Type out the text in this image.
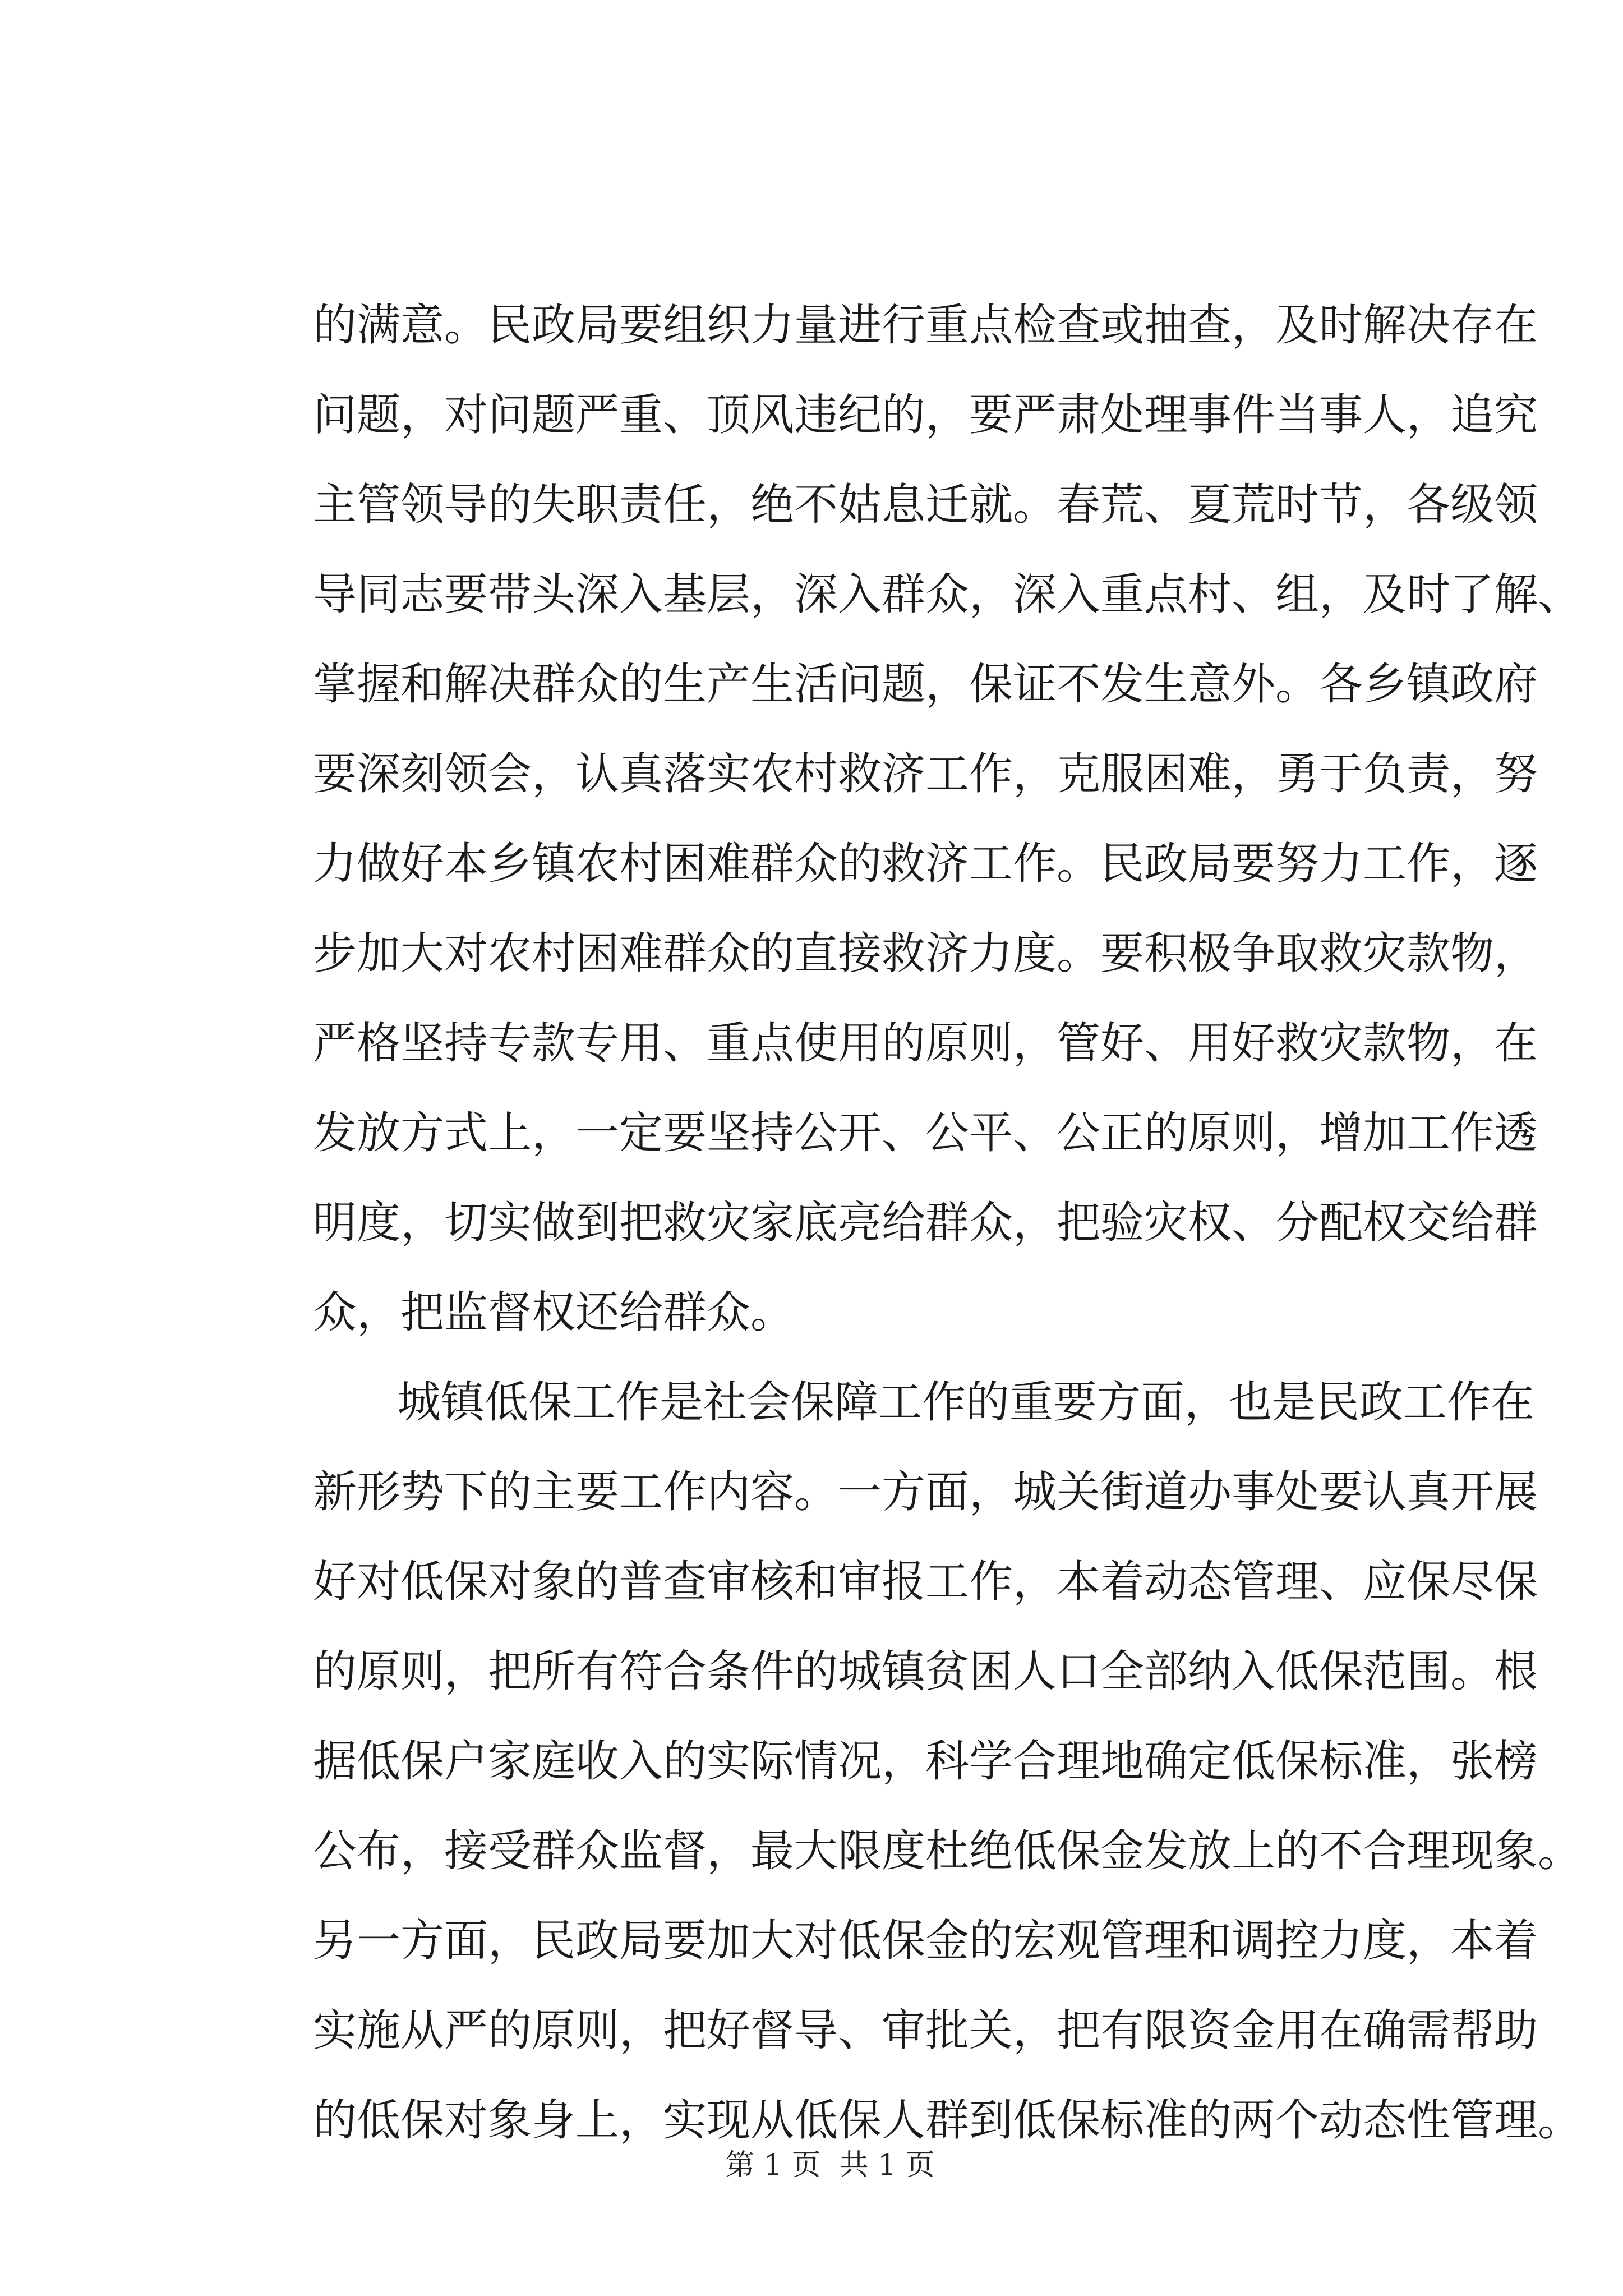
的满意。民政局要组织力量进行重点检查或抽查，及时解决存在
问题，对问题严重、顶风违纪的，要严肃处理事件当事人，追究
主管领导的失职责任，绝不姑息迁就。春荒、夏荒时节，各级领
导同志要带头深入基层，深入群众，深入重点村、组，及时了解、
掌握和解决群众的生产生活问题，保证不发生意外。各乡镇政府
要深刻领会，认真落实农村救济工作，克服困难，勇于负责，努
力做好本乡镇农村困难群众的救济工作。民政局要努力工作，逐
步加大对农村困难群众的直接救济力度。要积极争取救灾款物，
严格坚持专款专用、重点使用的原则，管好、用好救灾款物，在
发放方式上，一定要坚持公开、公平、公正的原则，增加工作透
明度，切实做到把救灾家底亮给群众，把验灾权、分配权交给群
众，把监督权还给群众。
城镇低保工作是社会保障工作的重要方面，也是民政工作在
新形势下的主要工作内容。一方面，城关街道办事处要认真开展
好对低保对象的普查审核和审报工作，本着动态管理、应保尽保
的原则，把所有符合条件的城镇贫困人口全部纳入低保范围。根
据低保户家庭收入的实际情况，科学合理地确定低保标准，张榜
公布，接受群众监督，最大限度杜绝低保金发放上的不合理现象。
另一方面，民政局要加大对低保金的宏观管理和调控力度，本着
实施从严的原则，把好督导、审批关，把有限资金用在确需帮助
的低保对象身上，实现从低保人群到低保标准的两个动态性管理。

第 1 页  共 1 页
